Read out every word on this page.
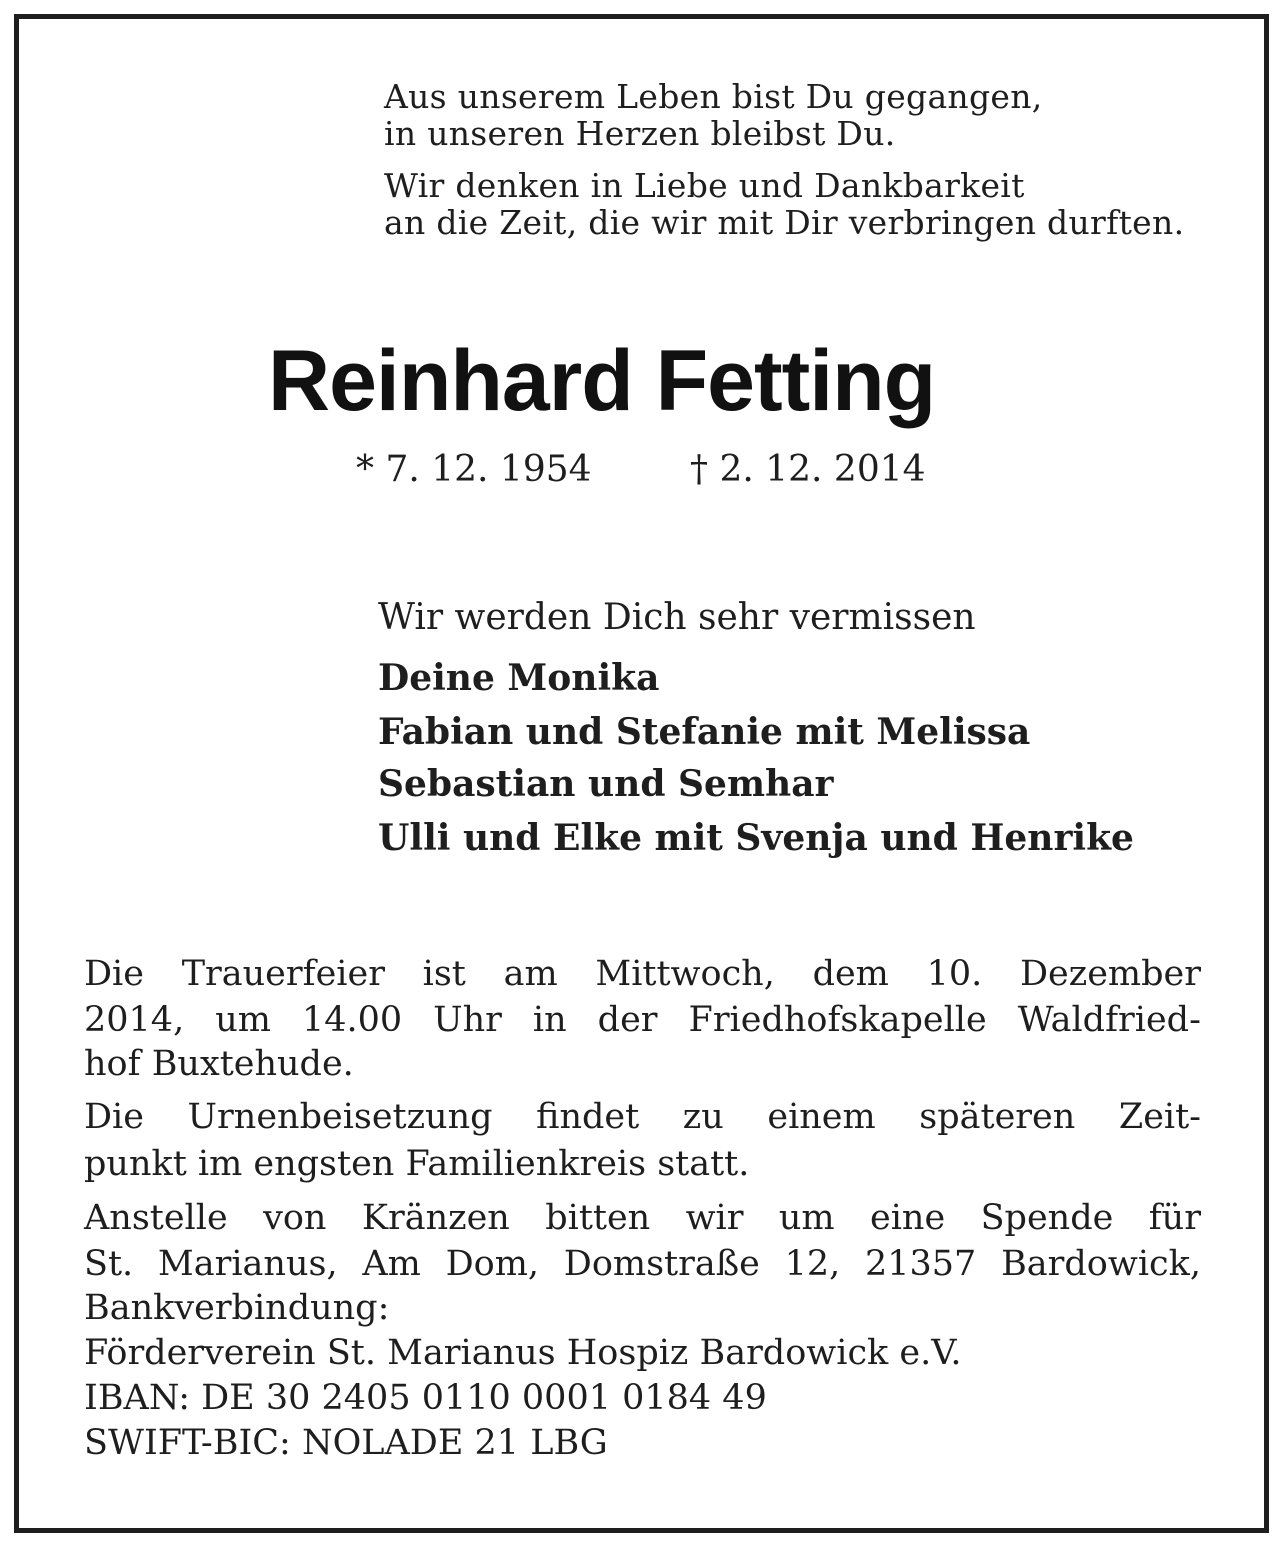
Aus unserem Leben bist Du gegangen,
in unseren Herzen bleibst Du.
Wir denken in Liebe und Dankbarkeit
an die Zeit, die wir mit Dir verbringen durften.
Reinhard Fetting
* 7. 12. 1954	† 2. 12. 2014
Wir werden Dich sehr vermissen
Deine Monika
Fabian und Stefanie mit Melissa
Sebastian und Semhar
Ulli und Elke mit Svenja und Henrike
Die Trauerfeier ist am Mittwoch, dem 10. Dezember
2014, um 14.00 Uhr in der Friedhofskapelle Waldfried-
hof Buxtehude.
Die Urnenbeisetzung findet zu einem späteren Zeit-
punkt im engsten Familienkreis statt.
Anstelle von Kränzen bitten wir um eine Spende für
St. Marianus, Am Dom, Domstraße 12, 21357 Bardowick,
Bankverbindung:
Förderverein St. Marianus Hospiz Bardowick e.V.
IBAN: DE 30 2405 0110 0001 0184 49
SWIFT-BIC: NOLADE 21 LBG
